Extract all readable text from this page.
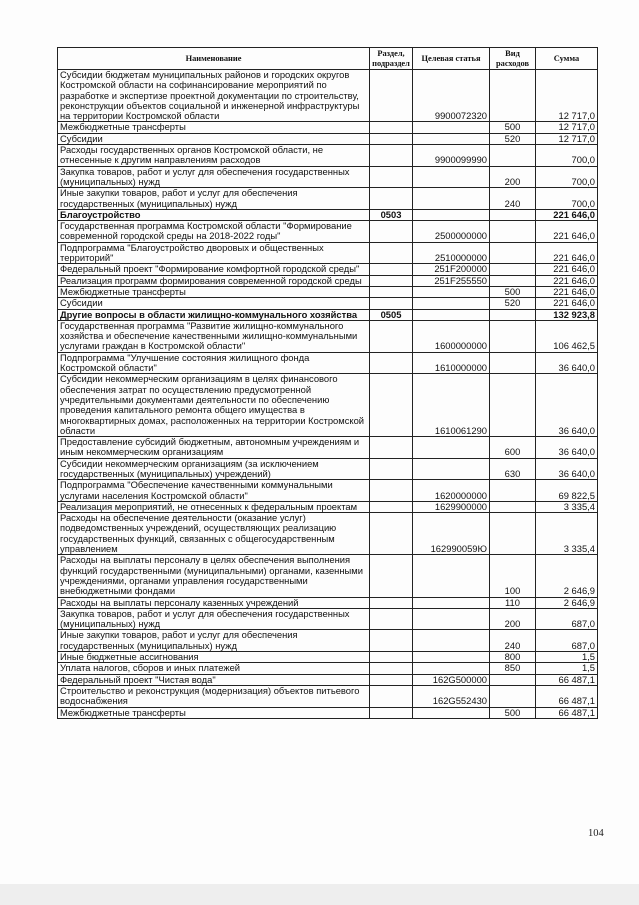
Наименование	Раздел, подраздел	Целевая статья	Вид расходов	Сумма
Субсидии бюджетам муниципальных районов и городских округов Костромской области на софинансирование мероприятий по разработке и экспертизе проектной документации по строительству, реконструкции объектов социальной и инженерной инфраструктуры на территории Костромской области		9900072320		12 717,0
Межбюджетные трансферты			500	12 717,0
Субсидии			520	12 717,0
Расходы государственных органов Костромской области, не отнесенные к другим направлениям расходов		9900099990		700,0
Закупка товаров, работ и услуг для обеспечения государственных (муниципальных) нужд			200	700,0
Иные закупки товаров, работ и услуг для обеспечения государственных (муниципальных) нужд			240	700,0
Благоустройство	0503			221 646,0
Государственная программа Костромской области "Формирование современной городской среды на 2018-2022 годы"		2500000000		221 646,0
Подпрограмма "Благоустройство дворовых и общественных территорий"		2510000000		221 646,0
Федеральный проект "Формирование комфортной городской среды"		251F200000		221 646,0
Реализация программ формирования современной городской среды		251F255550		221 646,0
Межбюджетные трансферты			500	221 646,0
Субсидии			520	221 646,0
Другие вопросы в области жилищно-коммунального хозяйства	0505			132 923,8
Государственная программа "Развитие жилищно-коммунального хозяйства и обеспечение качественными жилищно-коммунальными услугами граждан в Костромской области"		1600000000		106 462,5
Подпрограмма "Улучшение состояния жилищного фонда Костромской области"		1610000000		36 640,0
Субсидии некоммерческим организациям в целях финансового обеспечения затрат по осуществлению предусмотренной учредительными документами деятельности по обеспечению проведения капитального ремонта общего имущества в многоквартирных домах, расположенных на территории Костромской области		1610061290		36 640,0
Предоставление субсидий бюджетным, автономным учреждениям и иным некоммерческим организациям			600	36 640,0
Субсидии некоммерческим организациям (за исключением государственных (муниципальных) учреждений)			630	36 640,0
Подпрограмма "Обеспечение качественными коммунальными услугами населения Костромской области"		1620000000		69 822,5
Реализация мероприятий, не отнесенных к федеральным проектам		1629900000		3 335,4
Расходы на обеспечение деятельности (оказание услуг) подведомственных учреждений, осуществляющих реализацию государственных функций, связанных с общегосударственным управлением		162990059Ю		3 335,4
Расходы на выплаты персоналу в целях обеспечения выполнения функций государственными (муниципальными) органами, казенными учреждениями, органами управления государственными внебюджетными фондами			100	2 646,9
Расходы на выплаты персоналу казенных учреждений			110	2 646,9
Закупка товаров, работ и услуг для обеспечения государственных (муниципальных) нужд			200	687,0
Иные закупки товаров, работ и услуг для обеспечения государственных (муниципальных) нужд			240	687,0
Иные бюджетные ассигнования			800	1,5
Уплата налогов, сборов и иных платежей			850	1,5
Федеральный проект "Чистая вода"		162G500000		66 487,1
Строительство и реконструкция (модернизация) объектов питьевого водоснабжения		162G552430		66 487,1
Межбюджетные трансферты			500	66 487,1
104
